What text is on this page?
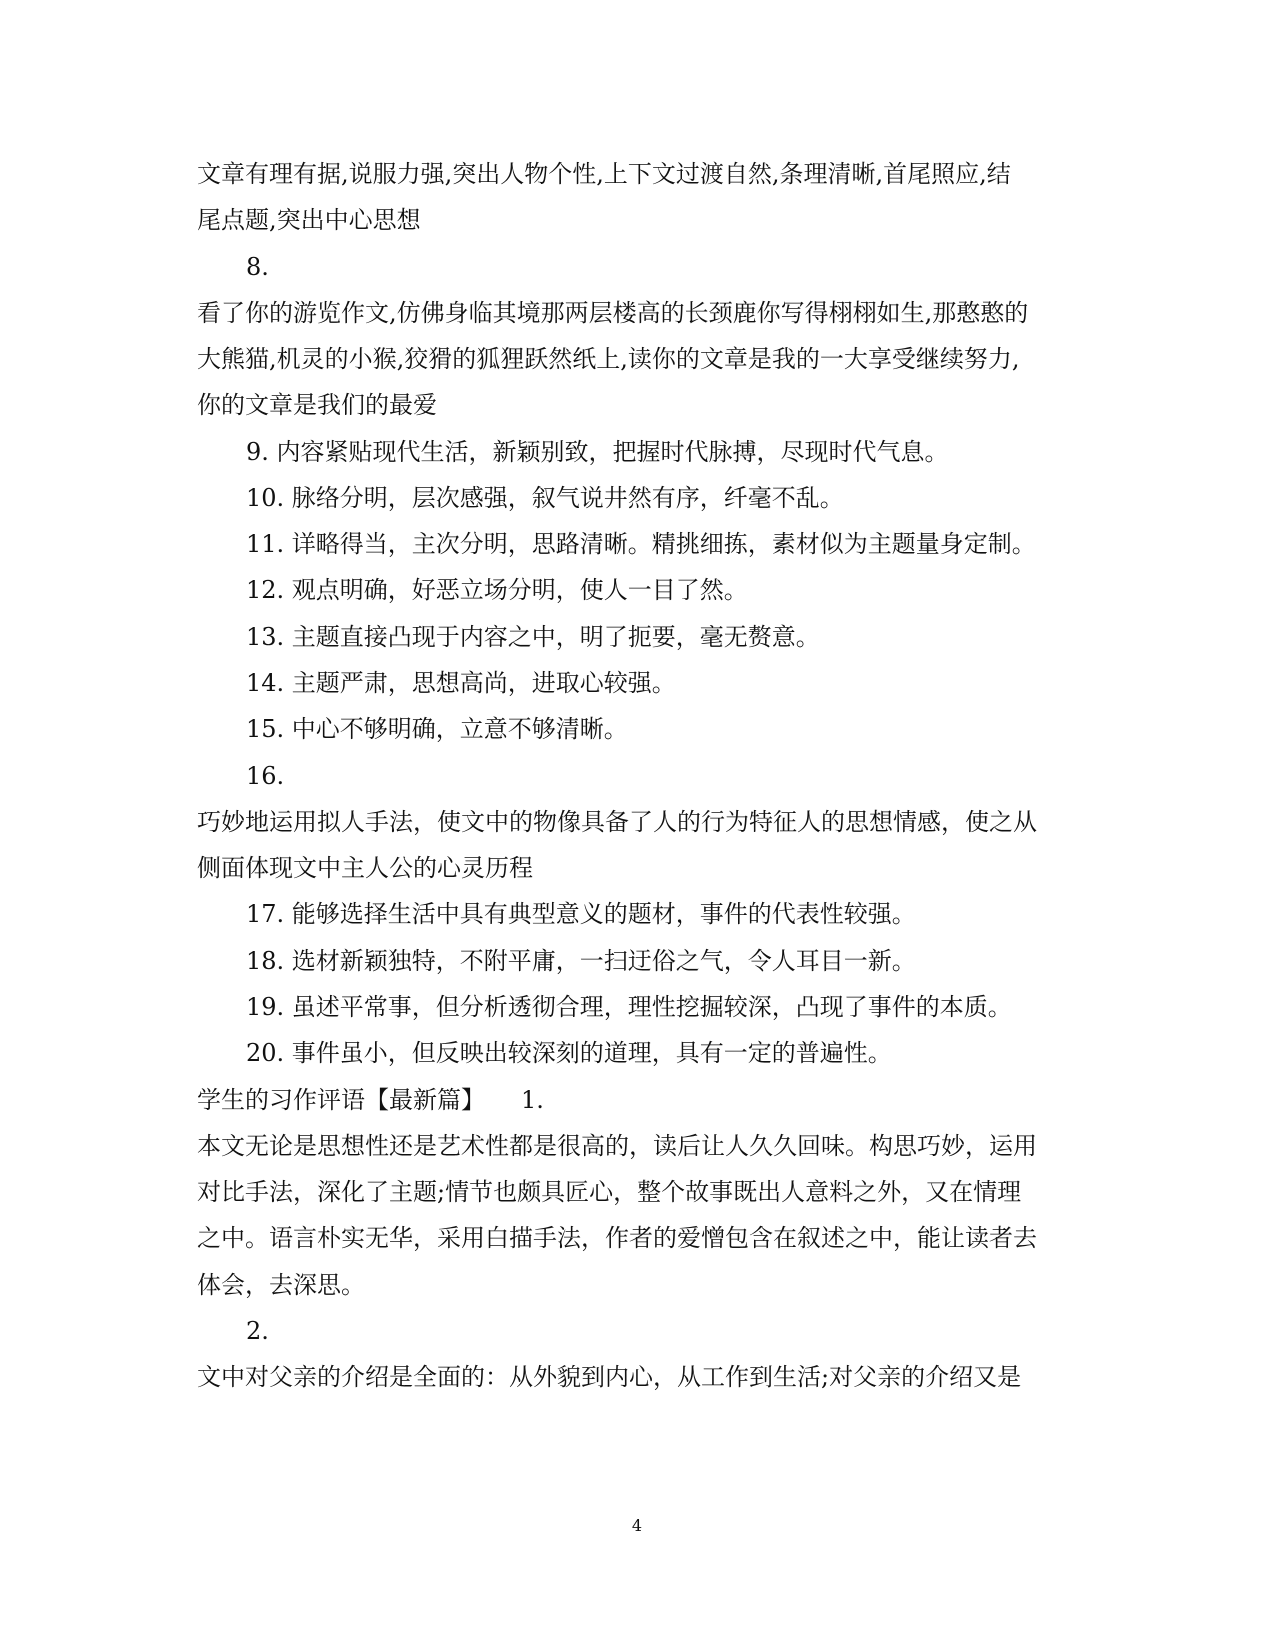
文章有理有据,说服力强,突出人物个性,上下文过渡自然,条理清晰,首尾照应,结
尾点题,突出中心思想
8.
看了你的游览作文,仿佛身临其境那两层楼高的长颈鹿你写得栩栩如生,那憨憨的
大熊猫,机灵的小猴,狡猾的狐狸跃然纸上,读你的文章是我的一大享受继续努力,
你的文章是我们的最爱
9. 内容紧贴现代生活，新颖别致，把握时代脉搏，尽现时代气息。
10. 脉络分明，层次感强，叙气说井然有序，纤毫不乱。
11. 详略得当，主次分明，思路清晰。精挑细拣，素材似为主题量身定制。
12. 观点明确，好恶立场分明，使人一目了然。
13. 主题直接凸现于内容之中，明了扼要，毫无赘意。
14. 主题严肃，思想高尚，进取心较强。
15. 中心不够明确，立意不够清晰。
16.
巧妙地运用拟人手法，使文中的物像具备了人的行为特征人的思想情感，使之从
侧面体现文中主人公的心灵历程
17. 能够选择生活中具有典型意义的题材，事件的代表性较强。
18. 选材新颖独特，不附平庸，一扫迂俗之气，令人耳目一新。
19. 虽述平常事，但分析透彻合理，理性挖掘较深，凸现了事件的本质。
20. 事件虽小，但反映出较深刻的道理，具有一定的普遍性。
学生的习作评语【最新篇】　　1.
本文无论是思想性还是艺术性都是很高的，读后让人久久回味。构思巧妙，运用
对比手法，深化了主题;情节也颇具匠心，整个故事既出人意料之外，又在情理
之中。语言朴实无华，采用白描手法，作者的爱憎包含在叙述之中，能让读者去
体会，去深思。
2.
文中对父亲的介绍是全面的：从外貌到内心，从工作到生活;对父亲的介绍又是
4
